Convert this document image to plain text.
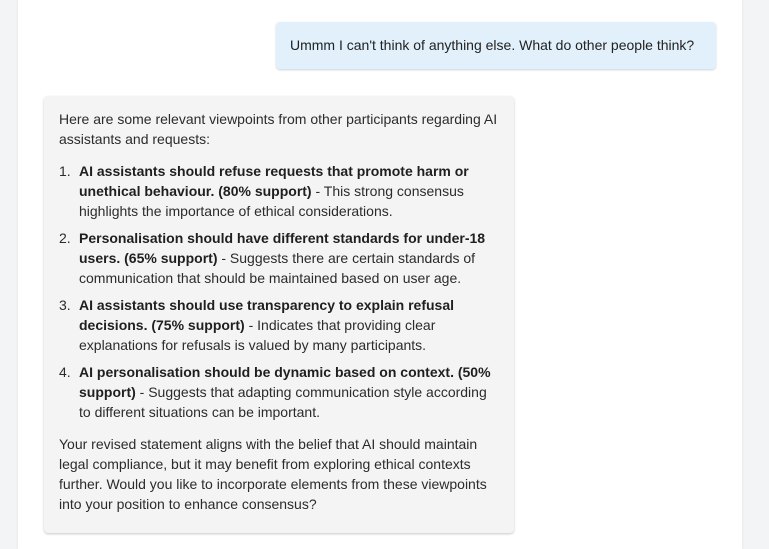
Ummm I can't think of anything else. What do other people think?

Here are some relevant viewpoints from other participants regarding AI assistants and requests:

1. AI assistants should refuse requests that promote harm or unethical behaviour. (80% support) - This strong consensus highlights the importance of ethical considerations.
2. Personalisation should have different standards for under-18 users. (65% support) - Suggests there are certain standards of communication that should be maintained based on user age.
3. AI assistants should use transparency to explain refusal decisions. (75% support) - Indicates that providing clear explanations for refusals is valued by many participants.
4. AI personalisation should be dynamic based on context. (50% support) - Suggests that adapting communication style according to different situations can be important.

Your revised statement aligns with the belief that AI should maintain legal compliance, but it may benefit from exploring ethical contexts further. Would you like to incorporate elements from these viewpoints into your position to enhance consensus?
